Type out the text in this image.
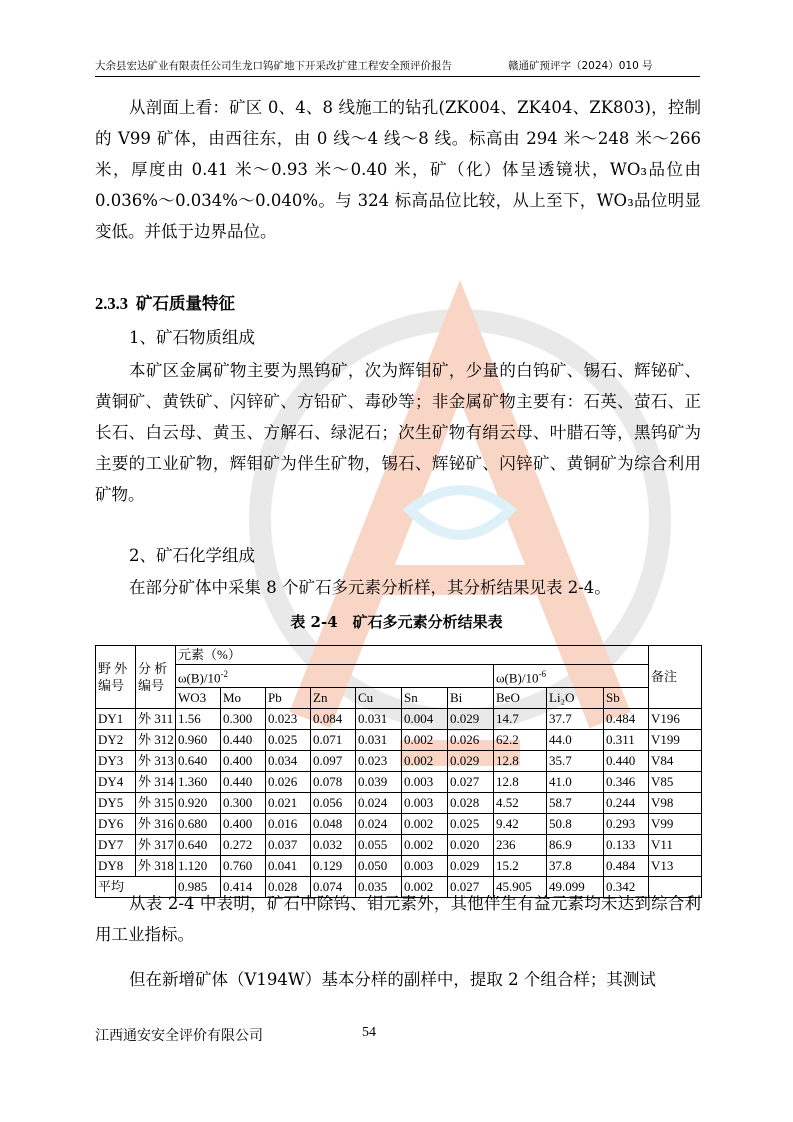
大余县宏达矿业有限责任公司生龙口钨矿地下开采改扩建工程安全预评价报告	赣通矿预评字（2024）010 号
从剖面上看：矿区 0、4、8 线施工的钻孔(ZK004、ZK404、ZK803)，控制的 V99 矿体，由西往东，由 0 线～4 线～8 线。标高由 294 米～248 米～266 米，厚度由 0.41 米～0.93 米～0.40 米，矿（化）体呈透镜状，WO₃品位由 0.036%～0.034%～0.040%。与 324 标高品位比较，从上至下，WO₃品位明显变低。并低于边界品位。
2.3.3 矿石质量特征
1、矿石物质组成
本矿区金属矿物主要为黑钨矿，次为辉钼矿，少量的白钨矿、锡石、辉铋矿、黄铜矿、黄铁矿、闪锌矿、方铅矿、毒砂等；非金属矿物主要有：石英、萤石、正长石、白云母、黄玉、方解石、绿泥石；次生矿物有绢云母、叶腊石等，黑钨矿为主要的工业矿物，辉钼矿为伴生矿物，锡石、辉铋矿、闪锌矿、黄铜矿为综合利用矿物。
2、矿石化学组成
在部分矿体中采集 8 个矿石多元素分析样，其分析结果见表 2-4。
表 2-4　矿石多元素分析结果表
野 外编号	分 析编号	元素（%）										备注
		$\omega(B)/10^{-2}$							$\omega(B)/10^{-6}$
		WO3	Mo	Pb	Zn	Cu	Sn	Bi	BeO	Li₂O	Sb	
DY1	外 311	1.56	0.300	0.023	0.084	0.031	0.004	0.029	14.7	37.7	0.484	V196
DY2	外 312	0.960	0.440	0.025	0.071	0.031	0.002	0.026	62.2	44.0	0.311	V199
DY3	外 313	0.640	0.400	0.034	0.097	0.023	0.002	0.029	12.8	35.7	0.440	V84
DY4	外 314	1.360	0.440	0.026	0.078	0.039	0.003	0.027	12.8	41.0	0.346	V85
DY5	外 315	0.920	0.300	0.021	0.056	0.024	0.003	0.028	4.52	58.7	0.244	V98
DY6	外 316	0.680	0.400	0.016	0.048	0.024	0.002	0.025	9.42	50.8	0.293	V99
DY7	外 317	0.640	0.272	0.037	0.032	0.055	0.002	0.020	236	86.9	0.133	V11
DY8	外 318	1.120	0.760	0.041	0.129	0.050	0.003	0.029	15.2	37.8	0.484	V13
平均		0.985	0.414	0.028	0.074	0.035	0.002	0.027	45.905	49.099	0.342	
从表 2-4 中表明，矿石中除钨、钼元素外，其他伴生有益元素均未达到综合利用工业指标。
但在新增矿体（V194W）基本分样的副样中，提取 2 个组合样；其测试
江西通安安全评价有限公司	54
